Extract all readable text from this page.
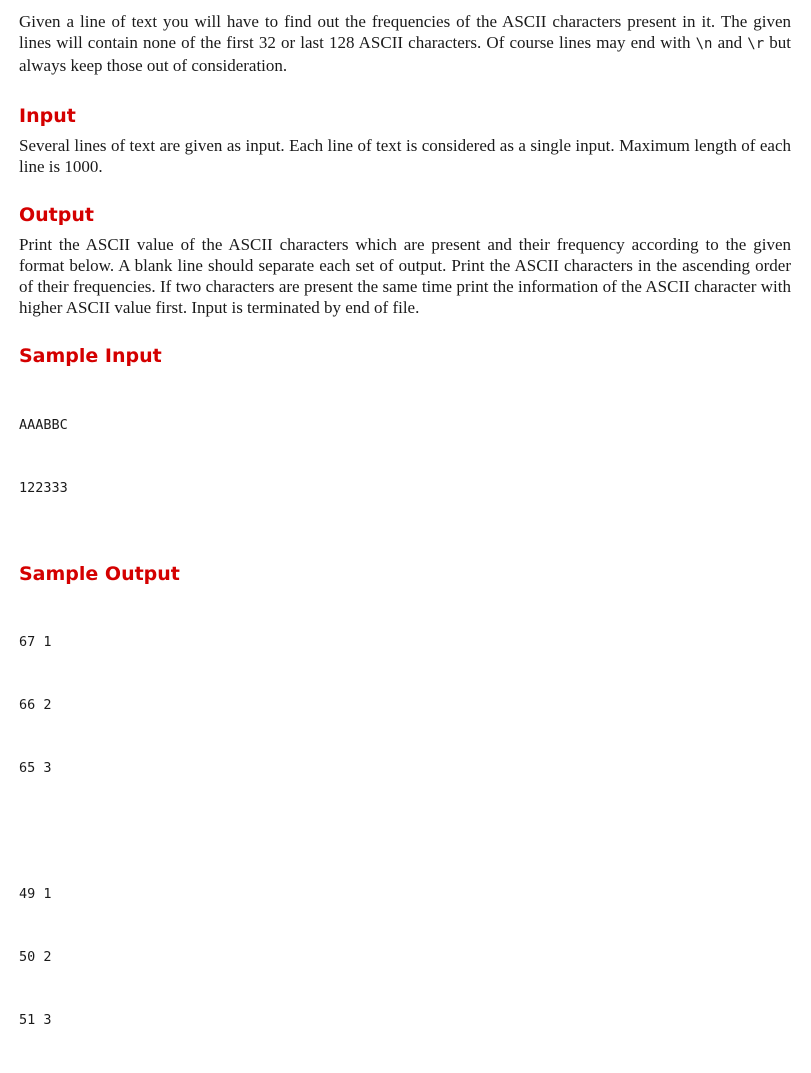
Given a line of text you will have to find out the frequencies of the ASCII characters present in it. The given lines will contain none of the first 32 or last 128 ASCII characters. Of course lines may end with \n and \r but always keep those out of consideration.

Input

Several lines of text are given as input. Each line of text is considered as a single input. Maximum length of each line is 1000.

Output

Print the ASCII value of the ASCII characters which are present and their frequency according to the given format below. A blank line should separate each set of output. Print the ASCII characters in the ascending order of their frequencies. If two characters are present the same time print the information of the ASCII character with higher ASCII value first. Input is terminated by end of file.

Sample Input

AAABBC

122333

Sample Output

67 1

66 2

65 3

49 1

50 2

51 3
